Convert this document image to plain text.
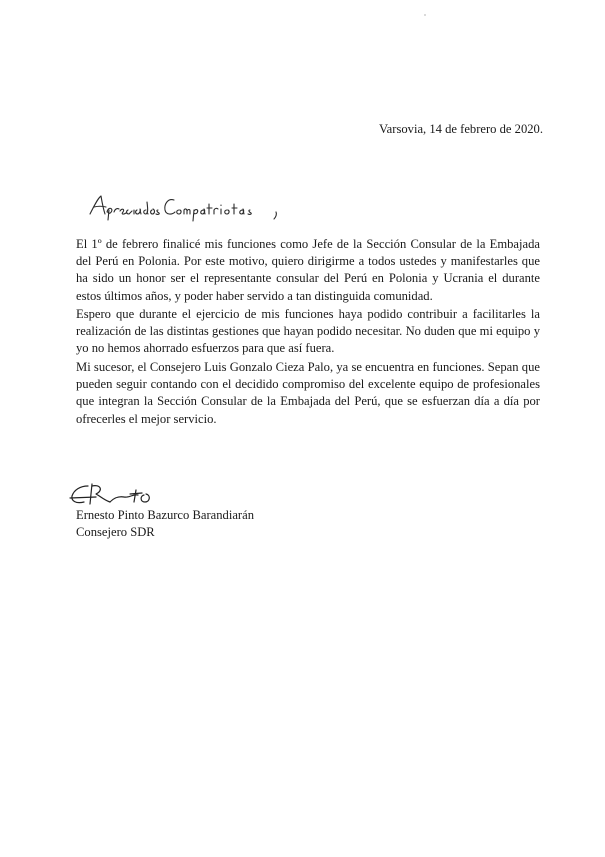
Varsovia, 14 de febrero de 2020.

El 1º de febrero finalicé mis funciones como Jefe de la Sección Consular de la Embajada del Perú en Polonia. Por este motivo, quiero dirigirme a todos ustedes y manifestarles que ha sido un honor ser el representante consular del Perú en Polonia y Ucrania el durante estos últimos años, y poder haber servido a tan distinguida comunidad.

Espero que durante el ejercicio de mis funciones haya podido contribuir a facilitarles la realización de las distintas gestiones que hayan podido necesitar. No duden que mi equipo y yo no hemos ahorrado esfuerzos para que así fuera.

Mi sucesor, el Consejero Luis Gonzalo Cieza Palo, ya se encuentra en funciones. Sepan que pueden seguir contando con el decidido compromiso del excelente equipo de profesionales que integran la Sección Consular de la Embajada del Perú, que se esfuerzan día a día por ofrecerles el mejor servicio.

Ernesto Pinto Bazurco Barandiarán
Consejero SDR
